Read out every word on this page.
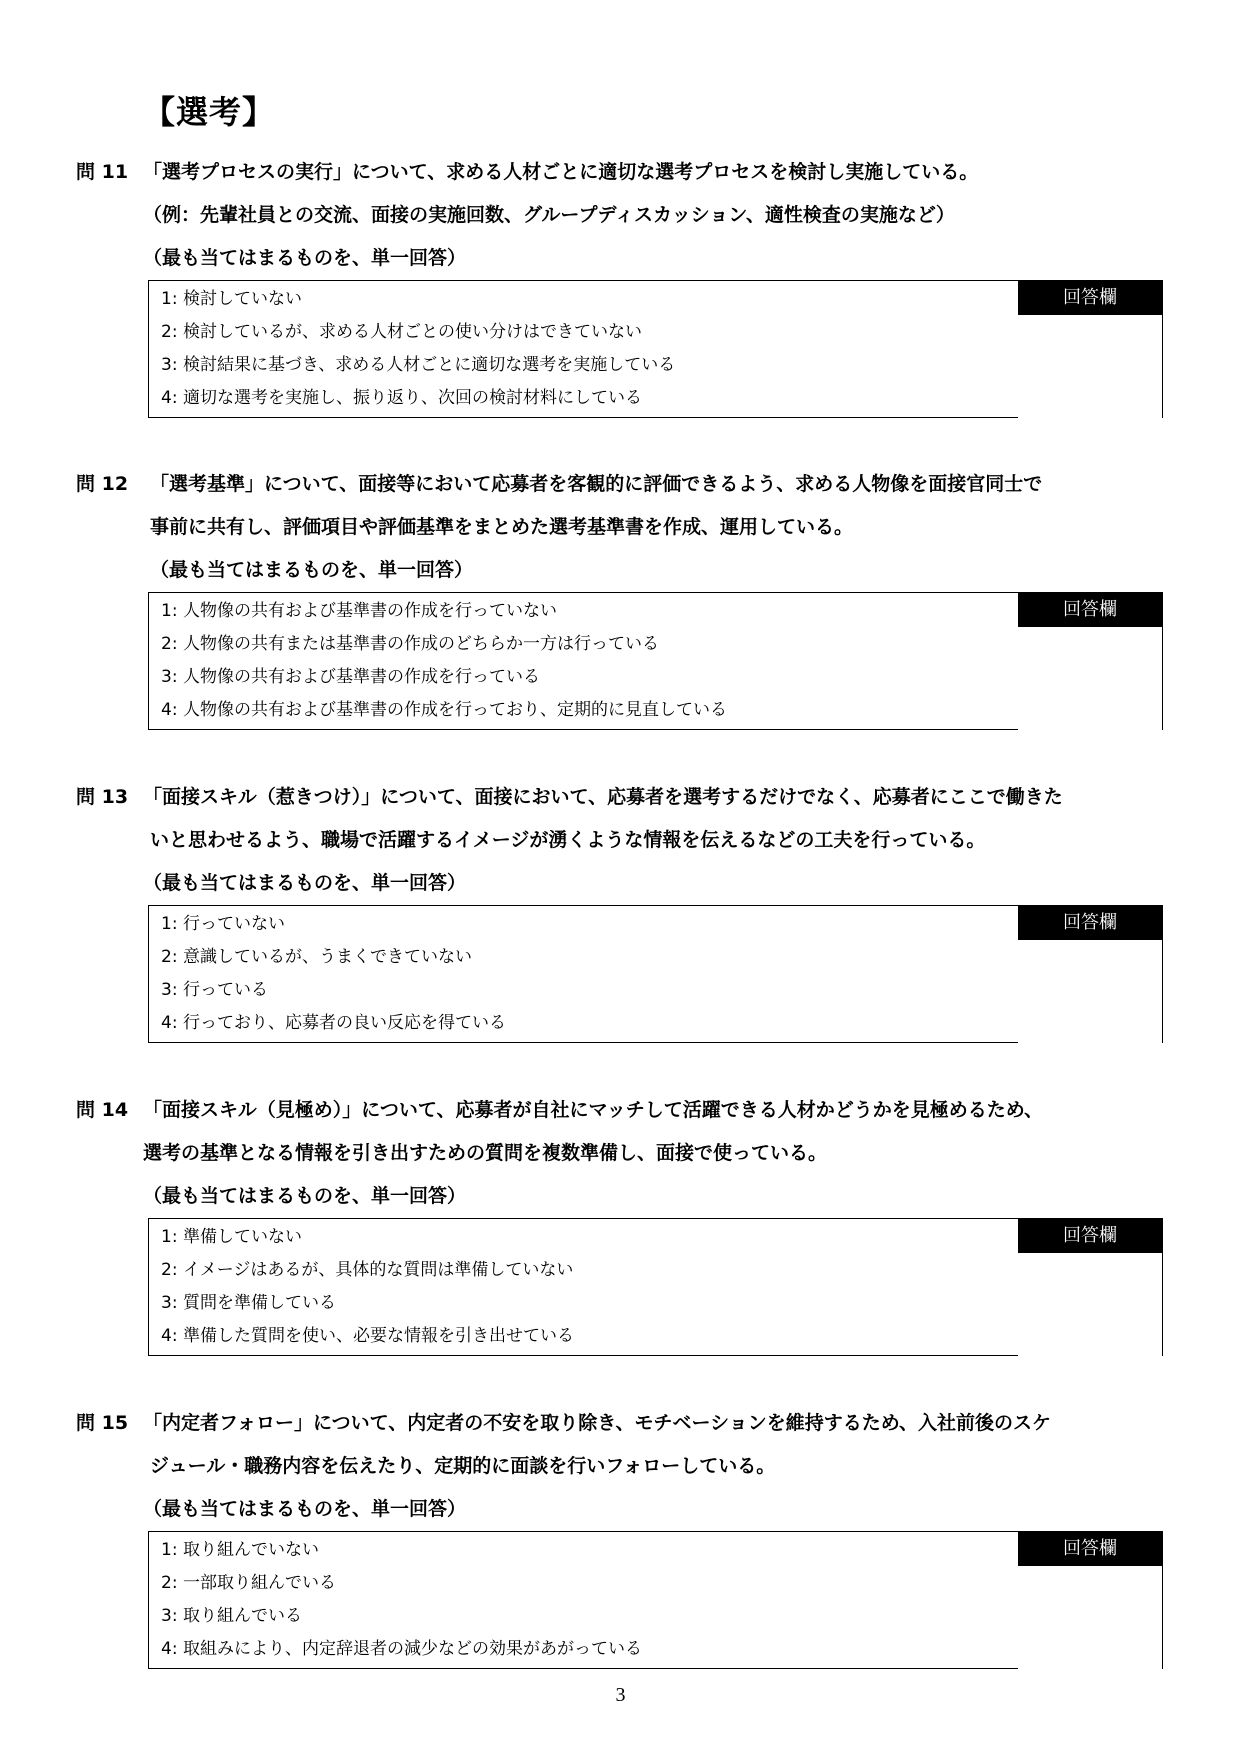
【選考】
問 11 「選考プロセスの実行」について、求める人材ごとに適切な選考プロセスを検討し実施している。
（例：先輩社員との交流、面接の実施回数、グループディスカッション、適性検査の実施など）
（最も当てはまるものを、単一回答）
1: 検討していない
2: 検討しているが、求める人材ごとの使い分けはできていない
3: 検討結果に基づき、求める人材ごとに適切な選考を実施している
4: 適切な選考を実施し、振り返り、次回の検討材料にしている
回答欄
問 12 「選考基準」について、面接等において応募者を客観的に評価できるよう、求める人物像を面接官同士で
事前に共有し、評価項目や評価基準をまとめた選考基準書を作成、運用している。
（最も当てはまるものを、単一回答）
1: 人物像の共有および基準書の作成を行っていない
2: 人物像の共有または基準書の作成のどちらか一方は行っている
3: 人物像の共有および基準書の作成を行っている
4: 人物像の共有および基準書の作成を行っており、定期的に見直している
回答欄
問 13 「面接スキル（惹きつけ）」について、面接において、応募者を選考するだけでなく、応募者にここで働きた
いと思わせるよう、職場で活躍するイメージが湧くような情報を伝えるなどの工夫を行っている。
（最も当てはまるものを、単一回答）
1: 行っていない
2: 意識しているが、うまくできていない
3: 行っている
4: 行っており、応募者の良い反応を得ている
回答欄
問 14 「面接スキル（見極め）」について、応募者が自社にマッチして活躍できる人材かどうかを見極めるため、
選考の基準となる情報を引き出すための質問を複数準備し、面接で使っている。
（最も当てはまるものを、単一回答）
1: 準備していない
2: イメージはあるが、具体的な質問は準備していない
3: 質問を準備している
4: 準備した質問を使い、必要な情報を引き出せている
回答欄
問 15 「内定者フォロー」について、内定者の不安を取り除き、モチベーションを維持するため、入社前後のスケ
ジュール・職務内容を伝えたり、定期的に面談を行いフォローしている。
（最も当てはまるものを、単一回答）
1: 取り組んでいない
2: 一部取り組んでいる
3: 取り組んでいる
4: 取組みにより、内定辞退者の減少などの効果があがっている
回答欄
3
